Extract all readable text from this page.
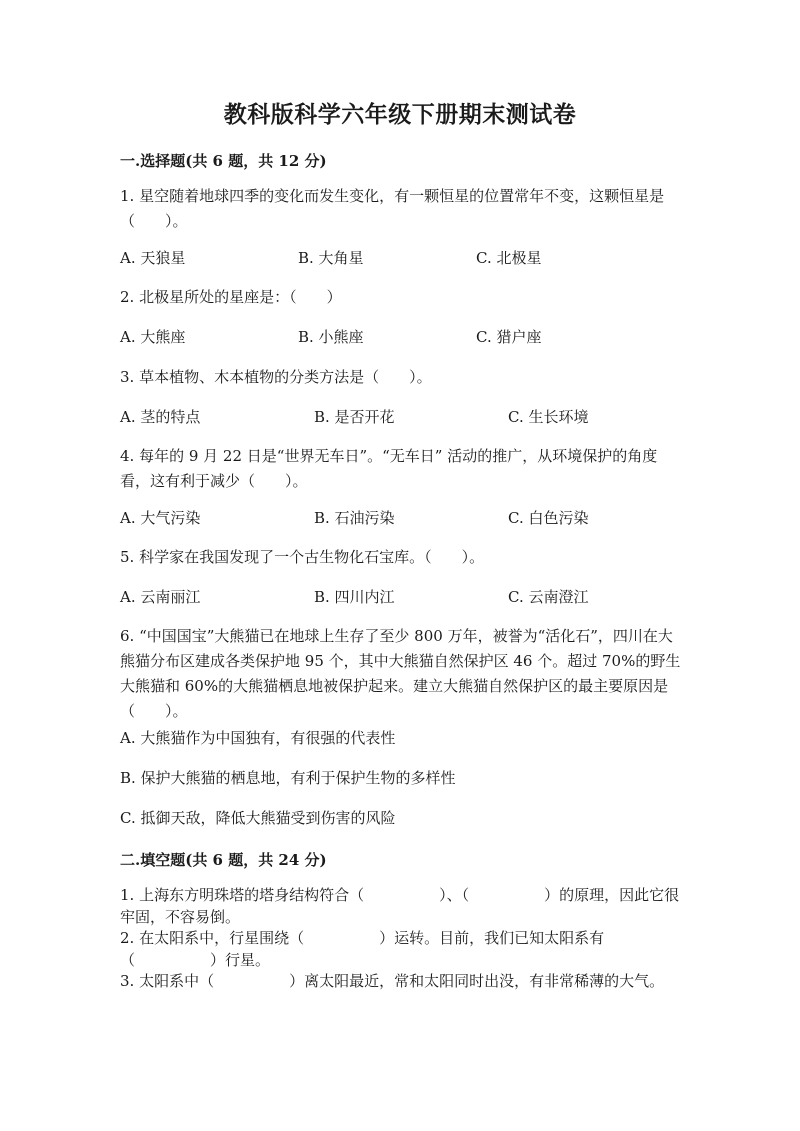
教科版科学六年级下册期末测试卷
一.选择题(共 6 题，共 12 分)
1. 星空随着地球四季的变化而发生变化，有一颗恒星的位置常年不变，这颗恒星是（　　）。
A. 天狼星	B. 大角星	C. 北极星
2. 北极星所处的星座是：（　　）
A. 大熊座	B. 小熊座	C. 猎户座
3. 草本植物、木本植物的分类方法是（　　）。
A. 茎的特点	B. 是否开花	C. 生长环境
4. 每年的 9 月 22 日是“世界无车日”。“无车日” 活动的推广，从环境保护的角度看，这有利于减少（　　）。
A. 大气污染	B. 石油污染	C. 白色污染
5. 科学家在我国发现了一个古生物化石宝库。（　　）。
A. 云南丽江	B. 四川内江	C. 云南澄江
6. “中国国宝”大熊猫已在地球上生存了至少 800 万年，被誉为“活化石”，四川在大熊猫分布区建成各类保护地 95 个，其中大熊猫自然保护区 46 个。超过 70%的野生大熊猫和 60%的大熊猫栖息地被保护起来。建立大熊猫自然保护区的最主要原因是（　　）。
A. 大熊猫作为中国独有，有很强的代表性
B. 保护大熊猫的栖息地，有利于保护生物的多样性
C. 抵御天敌，降低大熊猫受到伤害的风险
二.填空题(共 6 题，共 24 分)
1. 上海东方明珠塔的塔身结构符合（　　　　　）、（　　　　　）的原理，因此它很牢固，不容易倒。
2. 在太阳系中，行星围绕（　　　　　）运转。目前，我们已知太阳系有（　　　　　）行星。
3. 太阳系中（　　　　　）离太阳最近，常和太阳同时出没，有非常稀薄的大气。
